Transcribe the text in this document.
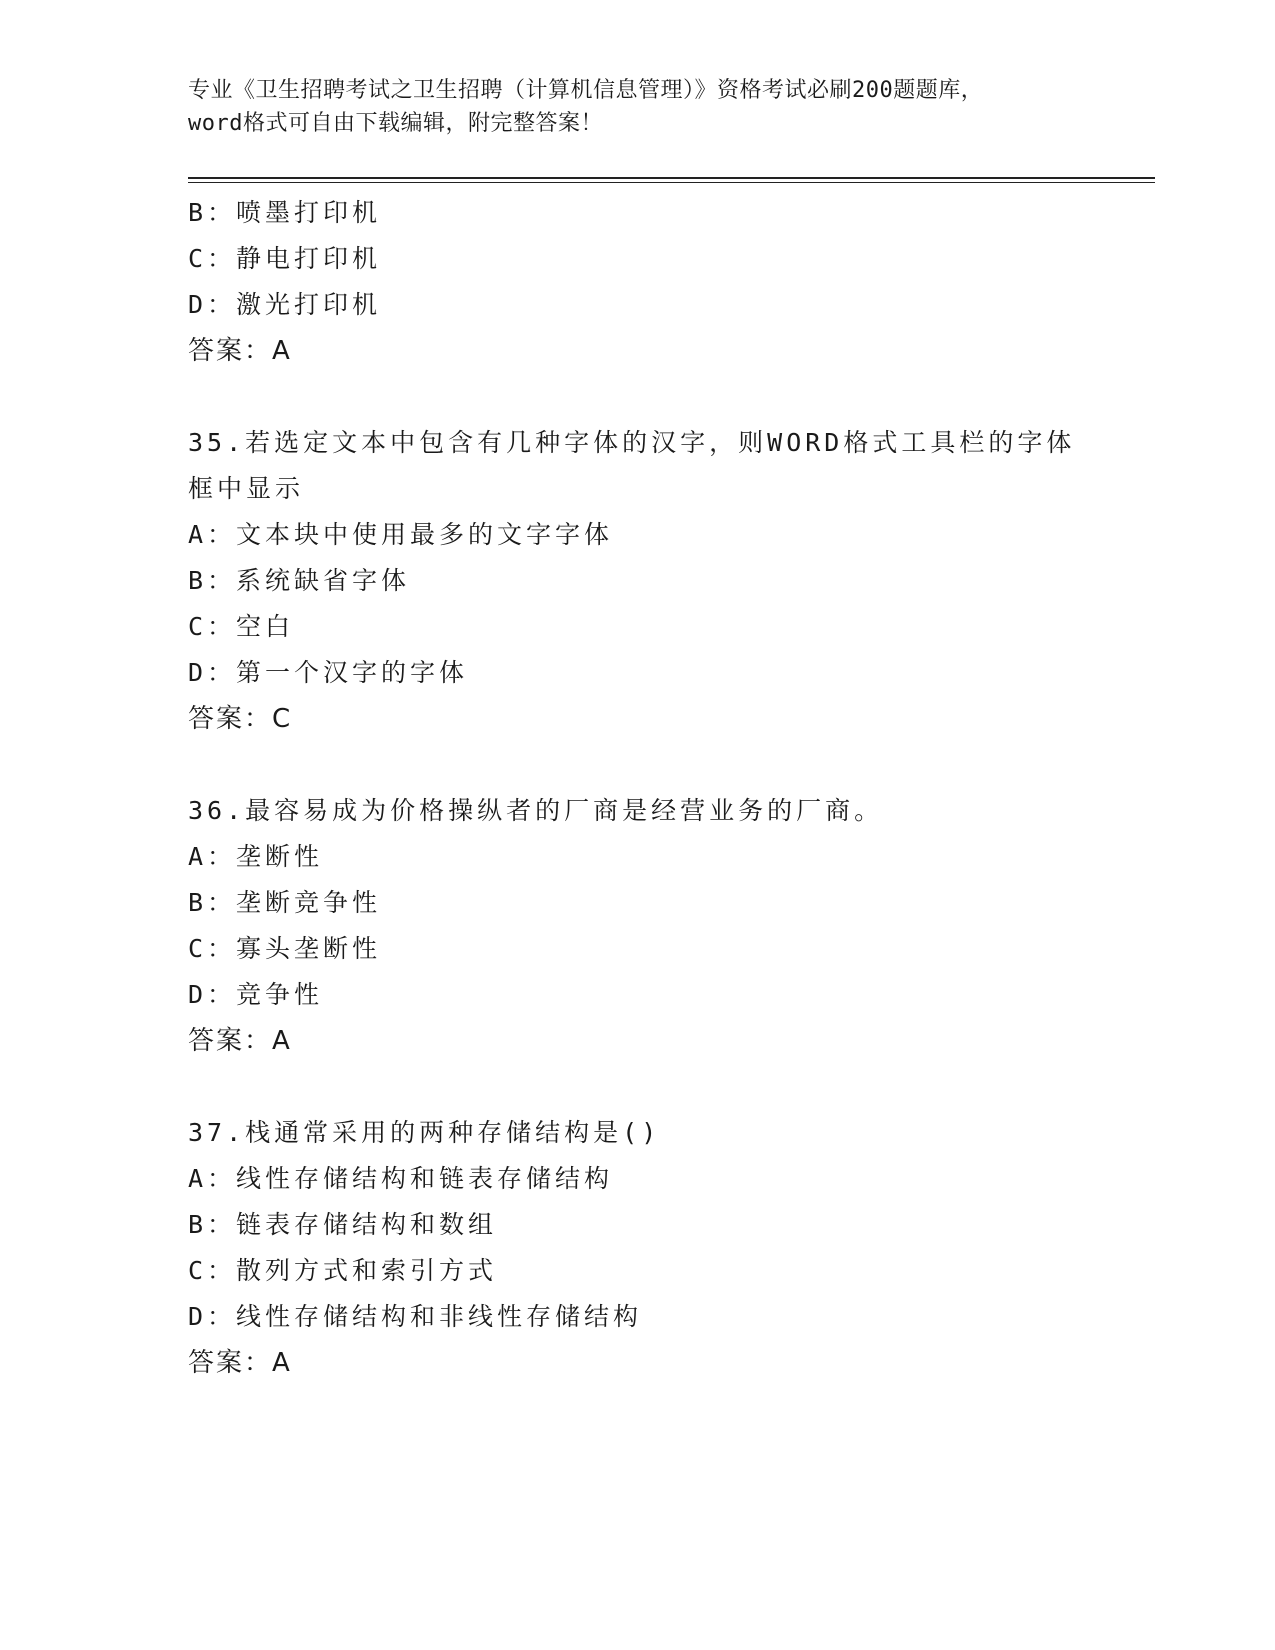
专业《卫生招聘考试之卫生招聘（计算机信息管理）》资格考试必刷200题题库，
word格式可自由下载编辑，附完整答案！
B：喷墨打印机
C：静电打印机
D：激光打印机
答案：A
35.若选定文本中包含有几种字体的汉字，则WORD格式工具栏的字体
框中显示
A：文本块中使用最多的文字字体
B：系统缺省字体
C：空白
D：第一个汉字的字体
答案：C
36.最容易成为价格操纵者的厂商是经营业务的厂商。
A：垄断性
B：垄断竞争性
C：寡头垄断性
D：竞争性
答案：A
37.栈通常采用的两种存储结构是()
A：线性存储结构和链表存储结构
B：链表存储结构和数组
C：散列方式和索引方式
D：线性存储结构和非线性存储结构
答案：A
